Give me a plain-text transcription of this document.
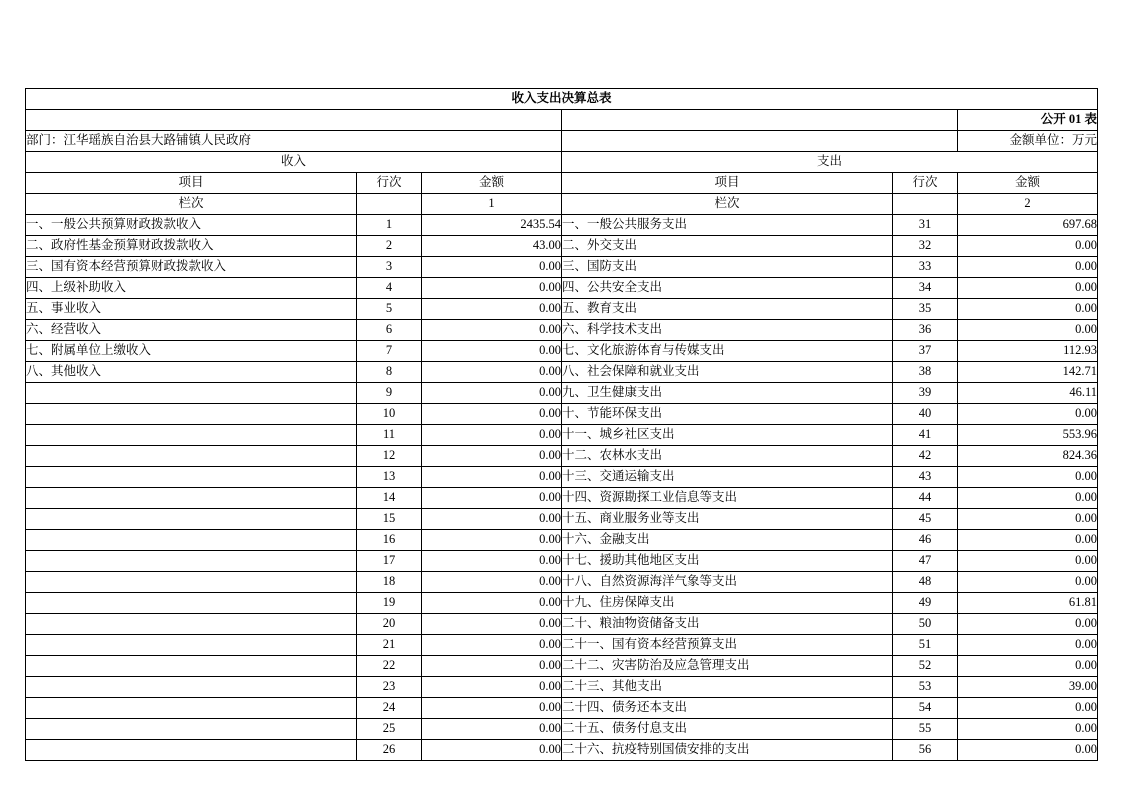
收入支出决算总表					
					公开 01 表
部门：江华瑶族自治县大路铺镇人民政府					金额单位：万元
收入			支出		
项目	行次	金额	项目	行次	金额
栏次		1	栏次		2
一、一般公共预算财政拨款收入	1	2435.54	一、一般公共服务支出	31	697.68
二、政府性基金预算财政拨款收入	2	43.00	二、外交支出	32	0.00
三、国有资本经营预算财政拨款收入	3	0.00	三、国防支出	33	0.00
四、上级补助收入	4	0.00	四、公共安全支出	34	0.00
五、事业收入	5	0.00	五、教育支出	35	0.00
六、经营收入	6	0.00	六、科学技术支出	36	0.00
七、附属单位上缴收入	7	0.00	七、文化旅游体育与传媒支出	37	112.93
八、其他收入	8	0.00	八、社会保障和就业支出	38	142.71
	9	0.00	九、卫生健康支出	39	46.11
	10	0.00	十、节能环保支出	40	0.00
	11	0.00	十一、城乡社区支出	41	553.96
	12	0.00	十二、农林水支出	42	824.36
	13	0.00	十三、交通运输支出	43	0.00
	14	0.00	十四、资源勘探工业信息等支出	44	0.00
	15	0.00	十五、商业服务业等支出	45	0.00
	16	0.00	十六、金融支出	46	0.00
	17	0.00	十七、援助其他地区支出	47	0.00
	18	0.00	十八、自然资源海洋气象等支出	48	0.00
	19	0.00	十九、住房保障支出	49	61.81
	20	0.00	二十、粮油物资储备支出	50	0.00
	21	0.00	二十一、国有资本经营预算支出	51	0.00
	22	0.00	二十二、灾害防治及应急管理支出	52	0.00
	23	0.00	二十三、其他支出	53	39.00
	24	0.00	二十四、债务还本支出	54	0.00
	25	0.00	二十五、债务付息支出	55	0.00
	26	0.00	二十六、抗疫特别国债安排的支出	56	0.00
